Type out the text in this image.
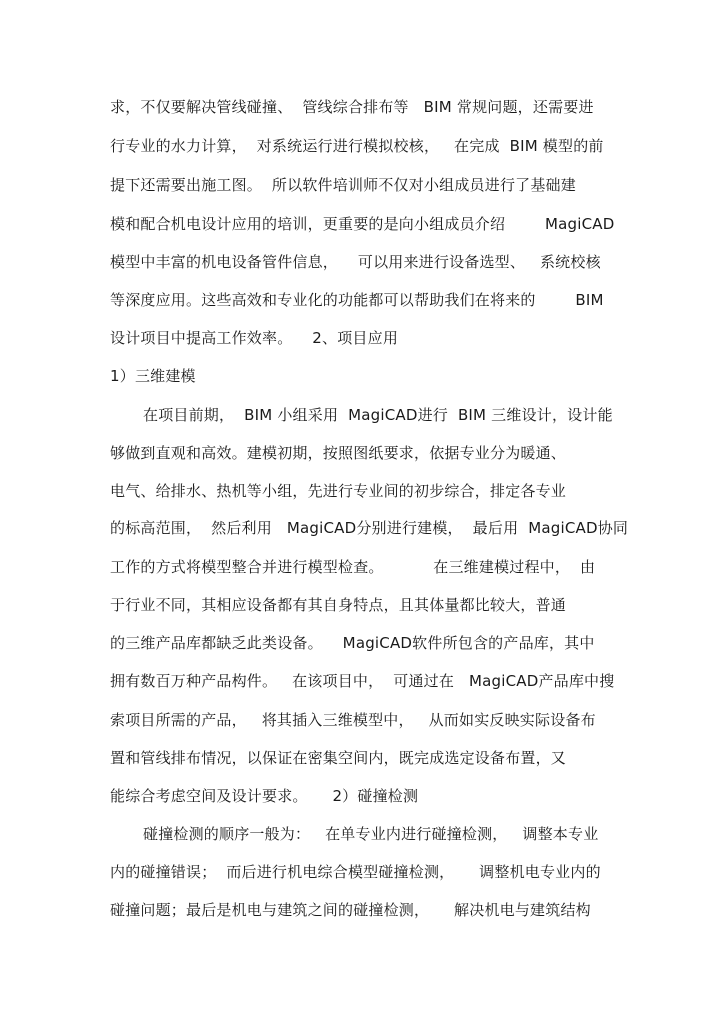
求，不仅要解决管线碰撞、  管线综合排布等   BIM 常规问题，还需要进
行专业的水力计算，  对系统运行进行模拟校核，   在完成  BIM 模型的前
提下还需要出施工图。  所以软件培训师不仅对小组成员进行了基础建
模和配合机电设计应用的培训，更重要的是向小组成员介绍        MagiCAD
模型中丰富的机电设备管件信息，    可以用来进行设备选型、   系统校核
等深度应用。这些高效和专业化的功能都可以帮助我们在将来的        BIM
设计项目中提高工作效率。    2、项目应用
1）三维建模
在项目前期，  BIM 小组采用  MagiCAD进行  BIM 三维设计，设计能
够做到直观和高效。建模初期，按照图纸要求，依据专业分为暖通、
电气、给排水、热机等小组，先进行专业间的初步综合，排定各专业
的标高范围，  然后利用   MagiCAD分别进行建模，  最后用  MagiCAD协同
工作的方式将模型整合并进行模型检查。          在三维建模过程中，  由
于行业不同，其相应设备都有其自身特点，且其体量都比较大，普通
的三维产品库都缺乏此类设备。    MagiCAD软件所包含的产品库，其中
拥有数百万种产品构件。   在该项目中，  可通过在   MagiCAD产品库中搜
索项目所需的产品，   将其插入三维模型中，   从而如实反映实际设备布
置和管线排布情况，以保证在密集空间内，既完成选定设备布置，又
能综合考虑空间及设计要求。     2）碰撞检测
碰撞检测的顺序一般为：   在单专业内进行碰撞检测，   调整本专业
内的碰撞错误；  而后进行机电综合模型碰撞检测，     调整机电专业内的
碰撞问题；最后是机电与建筑之间的碰撞检测，     解决机电与建筑结构
